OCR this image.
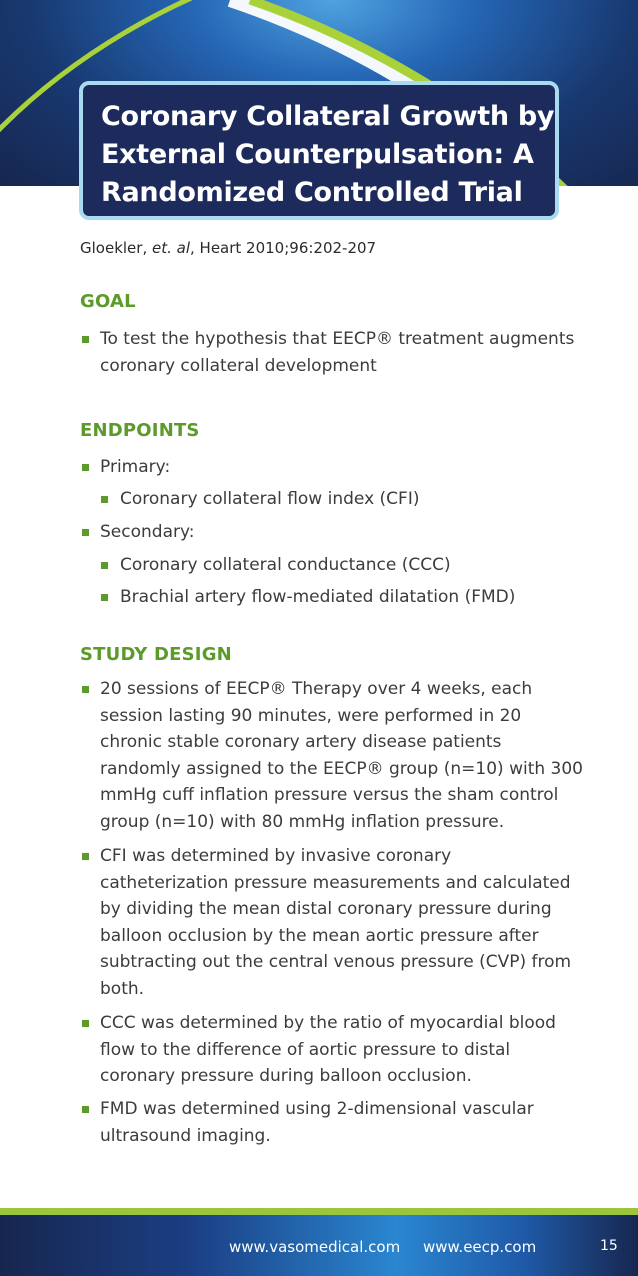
Coronary Collateral Growth by
External Counterpulsation: A
Randomized Controlled Trial
Gloekler, et. al, Heart 2010;96:202-207
GOAL
To test the hypothesis that EECP® treatment augments
coronary collateral development
ENDPOINTS
Primary:
Coronary collateral flow index (CFI)
Secondary:
Coronary collateral conductance (CCC)
Brachial artery flow-mediated dilatation (FMD)
STUDY DESIGN
20 sessions of EECP® Therapy over 4 weeks, each
session lasting 90 minutes, were performed in 20
chronic stable coronary artery disease patients
randomly assigned to the EECP® group (n=10) with 300
mmHg cuff inflation pressure versus the sham control
group (n=10) with 80 mmHg inflation pressure.
CFI was determined by invasive coronary
catheterization pressure measurements and calculated
by dividing the mean distal coronary pressure during
balloon occlusion by the mean aortic pressure after
subtracting out the central venous pressure (CVP) from
both.
CCC was determined by the ratio of myocardial blood
flow to the difference of aortic pressure to distal
coronary pressure during balloon occlusion.
FMD was determined using 2-dimensional vascular
ultrasound imaging.
www.vasomedical.com www.eecp.com	15
